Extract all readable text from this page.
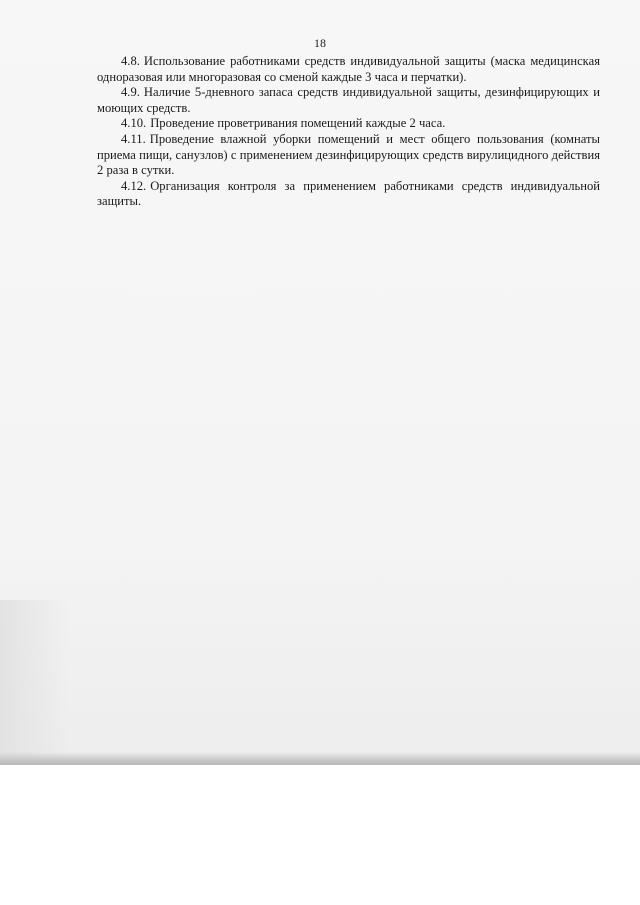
18

4.8. Использование работниками средств индивидуальной защиты (маска медицинская одноразовая или многоразовая со сменой каждые 3 часа и перчатки).

4.9. Наличие 5-дневного запаса средств индивидуальной защиты, дезинфицирующих и моющих средств.

4.10. Проведение проветривания помещений каждые 2 часа.

4.11. Проведение влажной уборки помещений и мест общего пользования (комнаты приема пищи, санузлов) с применением дезинфицирующих средств вирулицидного действия 2 раза в сутки.

4.12. Организация контроля за применением работниками средств индивидуальной защиты.
